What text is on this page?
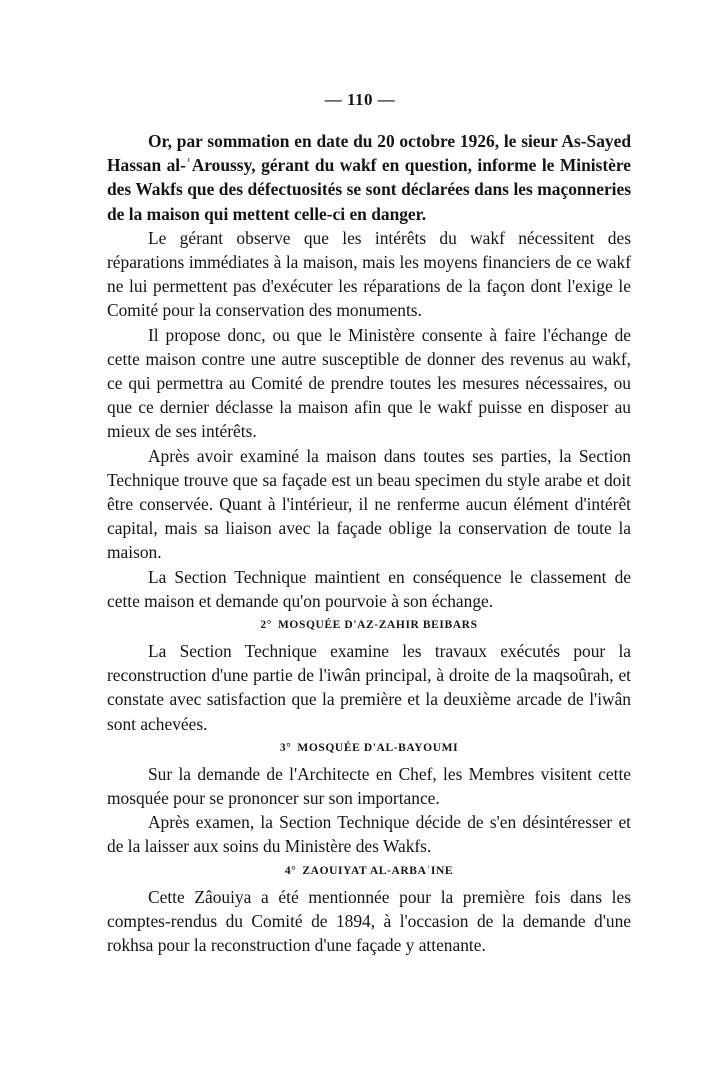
— 110 —

Or, par sommation en date du 20 octobre 1926, le sieur As-Sayed Hassan al-ʿAroussy, gérant du wakf en question, informe le Ministère des Wakfs que des défectuosités se sont déclarées dans les maçonneries de la maison qui mettent celle-ci en danger.

Le gérant observe que les intérêts du wakf nécessitent des réparations immédiates à la maison, mais les moyens financiers de ce wakf ne lui permettent pas d'exécuter les réparations de la façon dont l'exige le Comité pour la conservation des monuments.

Il propose donc, ou que le Ministère consente à faire l'échange de cette maison contre une autre susceptible de donner des revenus au wakf, ce qui permettra au Comité de prendre toutes les mesures nécessaires, ou que ce dernier déclasse la maison afin que le wakf puisse en disposer au mieux de ses intérêts.

Après avoir examiné la maison dans toutes ses parties, la Section Technique trouve que sa façade est un beau specimen du style arabe et doit être conservée. Quant à l'intérieur, il ne renferme aucun élément d'intérêt capital, mais sa liaison avec la façade oblige la conservation de toute la maison.

La Section Technique maintient en conséquence le classement de cette maison et demande qu'on pourvoie à son échange.

2° MOSQUÉE D'AZ-ZAHIR BEIBARS

La Section Technique examine les travaux exécutés pour la reconstruction d'une partie de l'iwân principal, à droite de la maqsoûrah, et constate avec satisfaction que la première et la deuxième arcade de l'iwân sont achevées.

3° MOSQUÉE D'AL-BAYOUMI

Sur la demande de l'Architecte en Chef, les Membres visitent cette mosquée pour se prononcer sur son importance.

Après examen, la Section Technique décide de s'en désintéresser et de la laisser aux soins du Ministère des Wakfs.

4° ZAOUIYAT AL-ARBAʿINE

Cette Zâouiya a été mentionnée pour la première fois dans les comptes-rendus du Comité de 1894, à l'occasion de la demande d'une rokhsa pour la reconstruction d'une façade y attenante.
